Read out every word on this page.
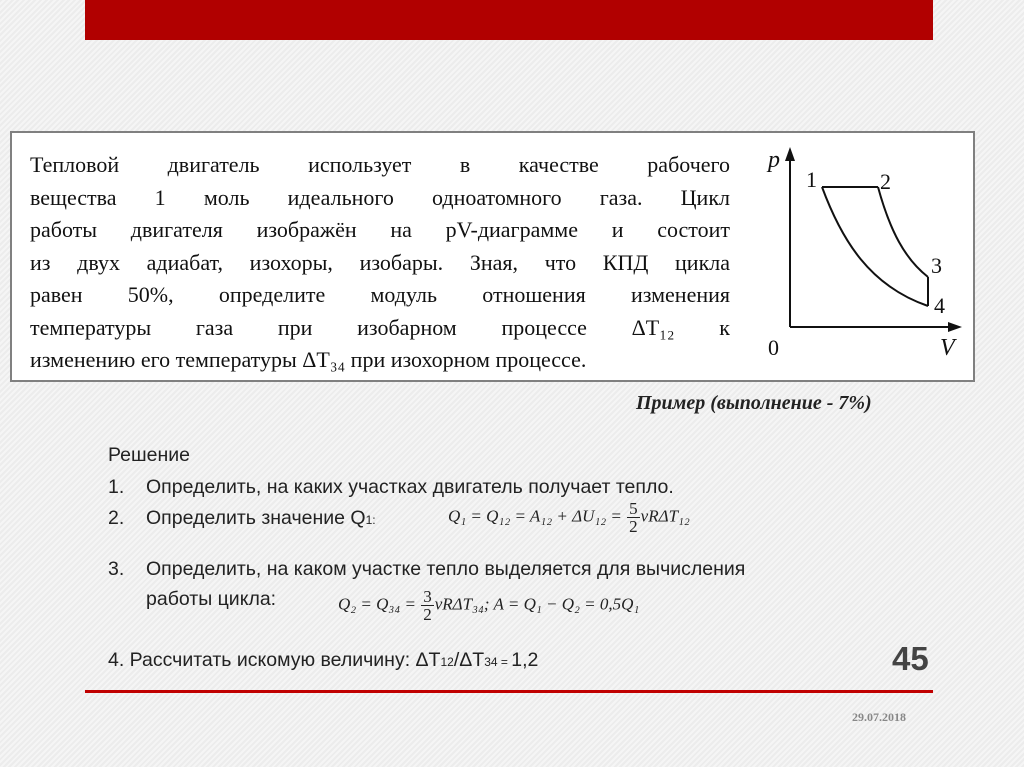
Тепловой двигатель использует в качестве рабочего
вещества 1 моль идеального одноатомного газа. Цикл
работы двигателя изображён на pV-диаграмме и состоит
из двух адиабат, изохоры, изобары. Зная, что КПД цикла
равен 50%, определите модуль отношения изменения
температуры газа при изобарном процессе ΔT₁₂ к
изменению его температуры ΔT₃₄ при изохорном процессе.
p
V
0
1	2
3
4
Пример (выполнение - 7%)
Решение
1. Определить, на каких участках двигатель получает тепло.
2. Определить значение Q1:	$Q_1 = Q_{12} = A_{12} + \Delta U_{12} = \frac{5}{2} \nu R\Delta T_{12}$
3. Определить, на каком участке тепло выделяется для вычисления
работы цикла:	$Q_2 = Q_{34} = \frac{3}{2} \nu R\Delta T_{34}$; A = Q₁ − Q₂ = 0,5Q₁
4. Рассчитать искомую величину: ΔT12/ΔT34 = 1,2	45
29.07.2018
